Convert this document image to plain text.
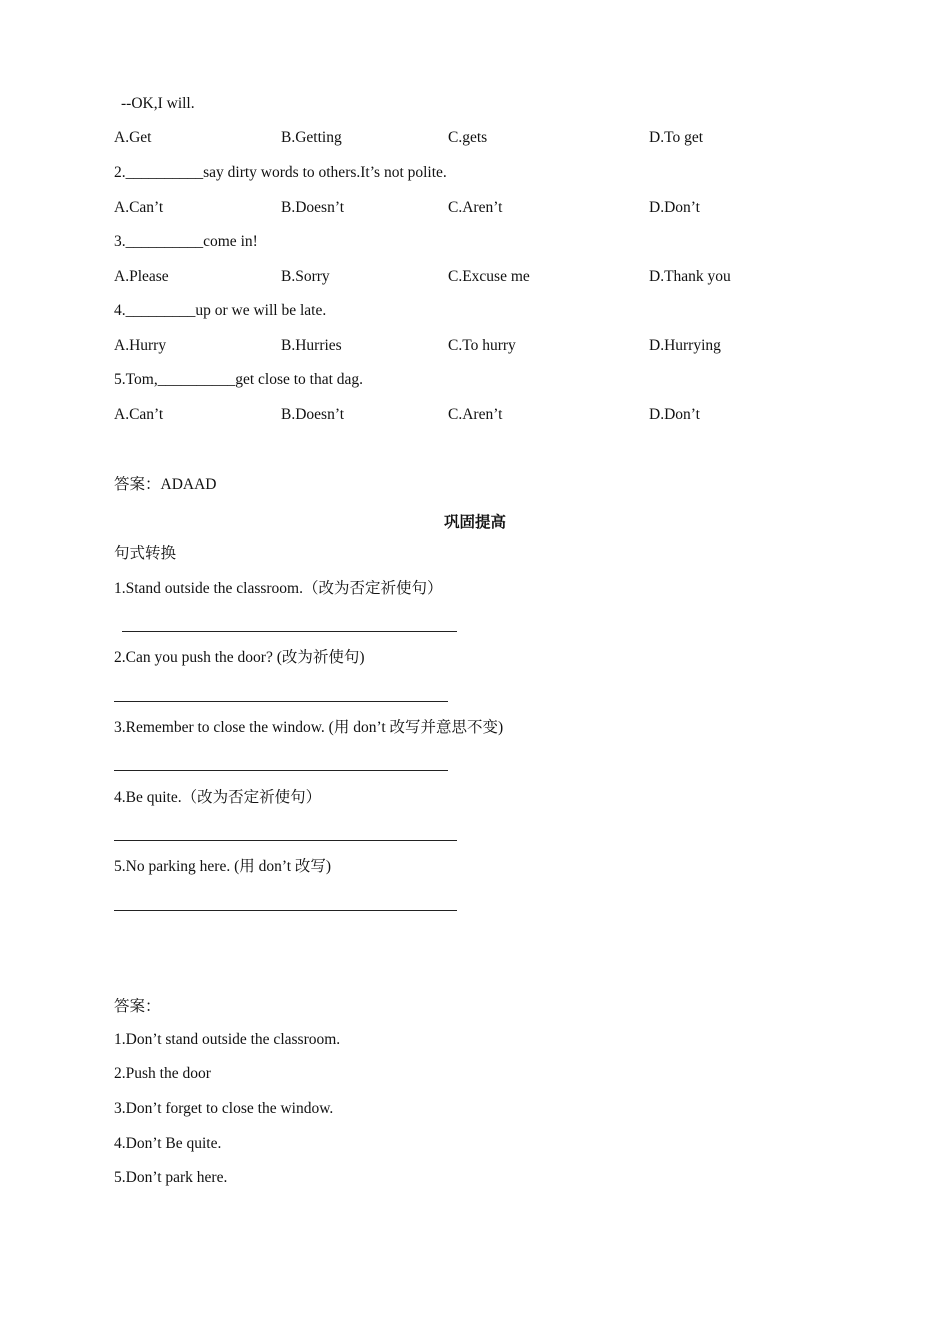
--OK,I will.
A.Get	B.Getting	C.gets	D.To get
2.__________say dirty words to others.It’s not polite.
A.Can’t	B.Doesn’t	C.Aren’t	D.Don’t
3.__________come in!
A.Please	B.Sorry	C.Excuse me	D.Thank you
4._________up or we will be late.
A.Hurry	B.Hurries	C.To hurry	D.Hurrying
5.Tom,__________get close to that dag.
A.Can’t	B.Doesn’t	C.Aren’t	D.Don’t
答案：ADAAD
巩固提高
句式转换
1.Stand outside the classroom.（改为否定祈使句）
2.Can you push the door? (改为祈使句)
3.Remember to close the window. (用 don’t 改写并意思不变)
4.Be quite.（改为否定祈使句）
5.No parking here. (用 don’t 改写)
答案：
1.Don’t stand outside the classroom.
2.Push the door
3.Don’t forget to close the window.
4.Don’t Be quite.
5.Don’t park here.
